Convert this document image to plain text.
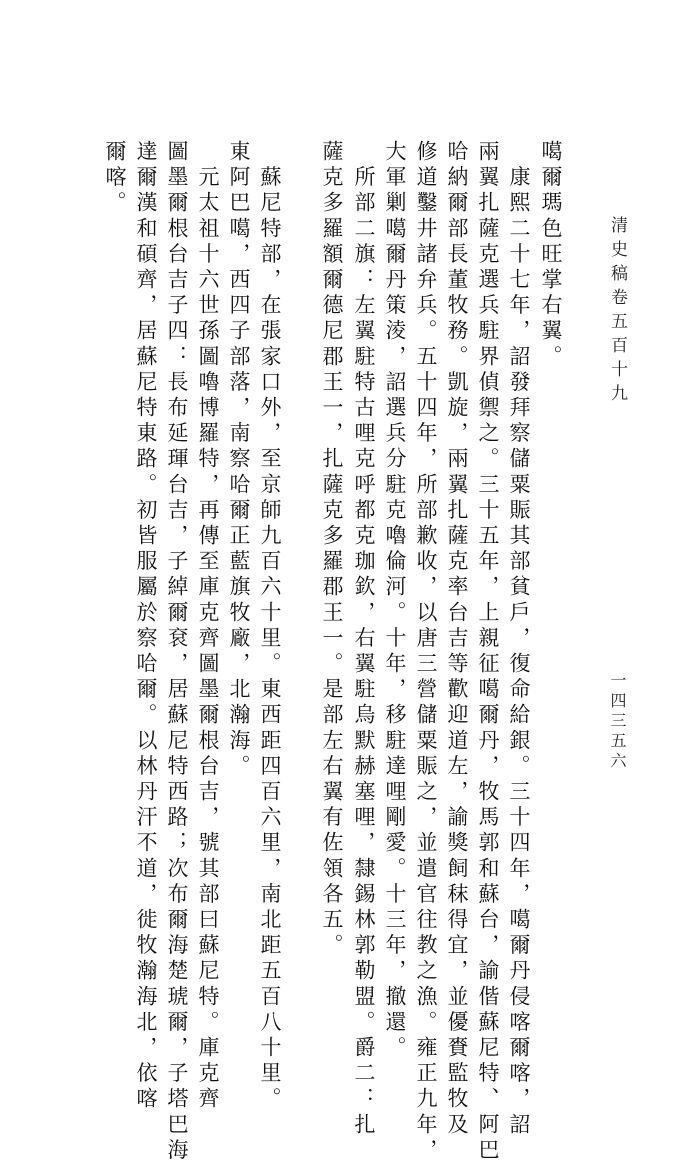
清史稿卷五百十九
一四三五六
噶爾瑪色旺掌右翼。
　康熙二十七年，詔發拜察儲粟賑其部貧戶，復命給銀。三十四年，噶爾丹侵喀爾喀，詔
兩翼扎薩克選兵駐界偵禦之。三十五年，上親征噶爾丹，牧馬郭和蘇台，諭偕蘇尼特、阿巴
哈納爾部長董牧務。凱旋，兩翼扎薩克率台吉等歡迎道左，諭獎飼秣得宜，並優賚監牧及
修道鑿井諸弁兵。五十四年，所部歉收，以唐三營儲粟賑之，並遣官往教之漁。雍正九年，
大軍剿噶爾丹策淩，詔選兵分駐克嚕倫河。十年，移駐達哩剛愛。十三年，撤還。
　所部二旗：左翼駐特古哩克呼都克珈欽，右翼駐烏默赫塞哩，隸錫林郭勒盟。爵二：扎
薩克多羅額爾德尼郡王一，扎薩克多羅郡王一。是部左右翼有佐領各五。
　蘇尼特部，在張家口外，至京師九百六十里。東西距四百六里，南北距五百八十里。
東阿巴噶，西四子部落，南察哈爾正藍旗牧廠，北瀚海。
　元太祖十六世孫圖嚕博羅特，再傳至庫克齊圖墨爾根台吉，號其部曰蘇尼特。庫克齊
圖墨爾根台吉子四：長布延琿台吉，子綽爾袞，居蘇尼特西路；次布爾海楚琥爾，子塔巴海
達爾漢和碩齊，居蘇尼特東路。初皆服屬於察哈爾。以林丹汗不道，徙牧瀚海北，依喀
爾喀。
